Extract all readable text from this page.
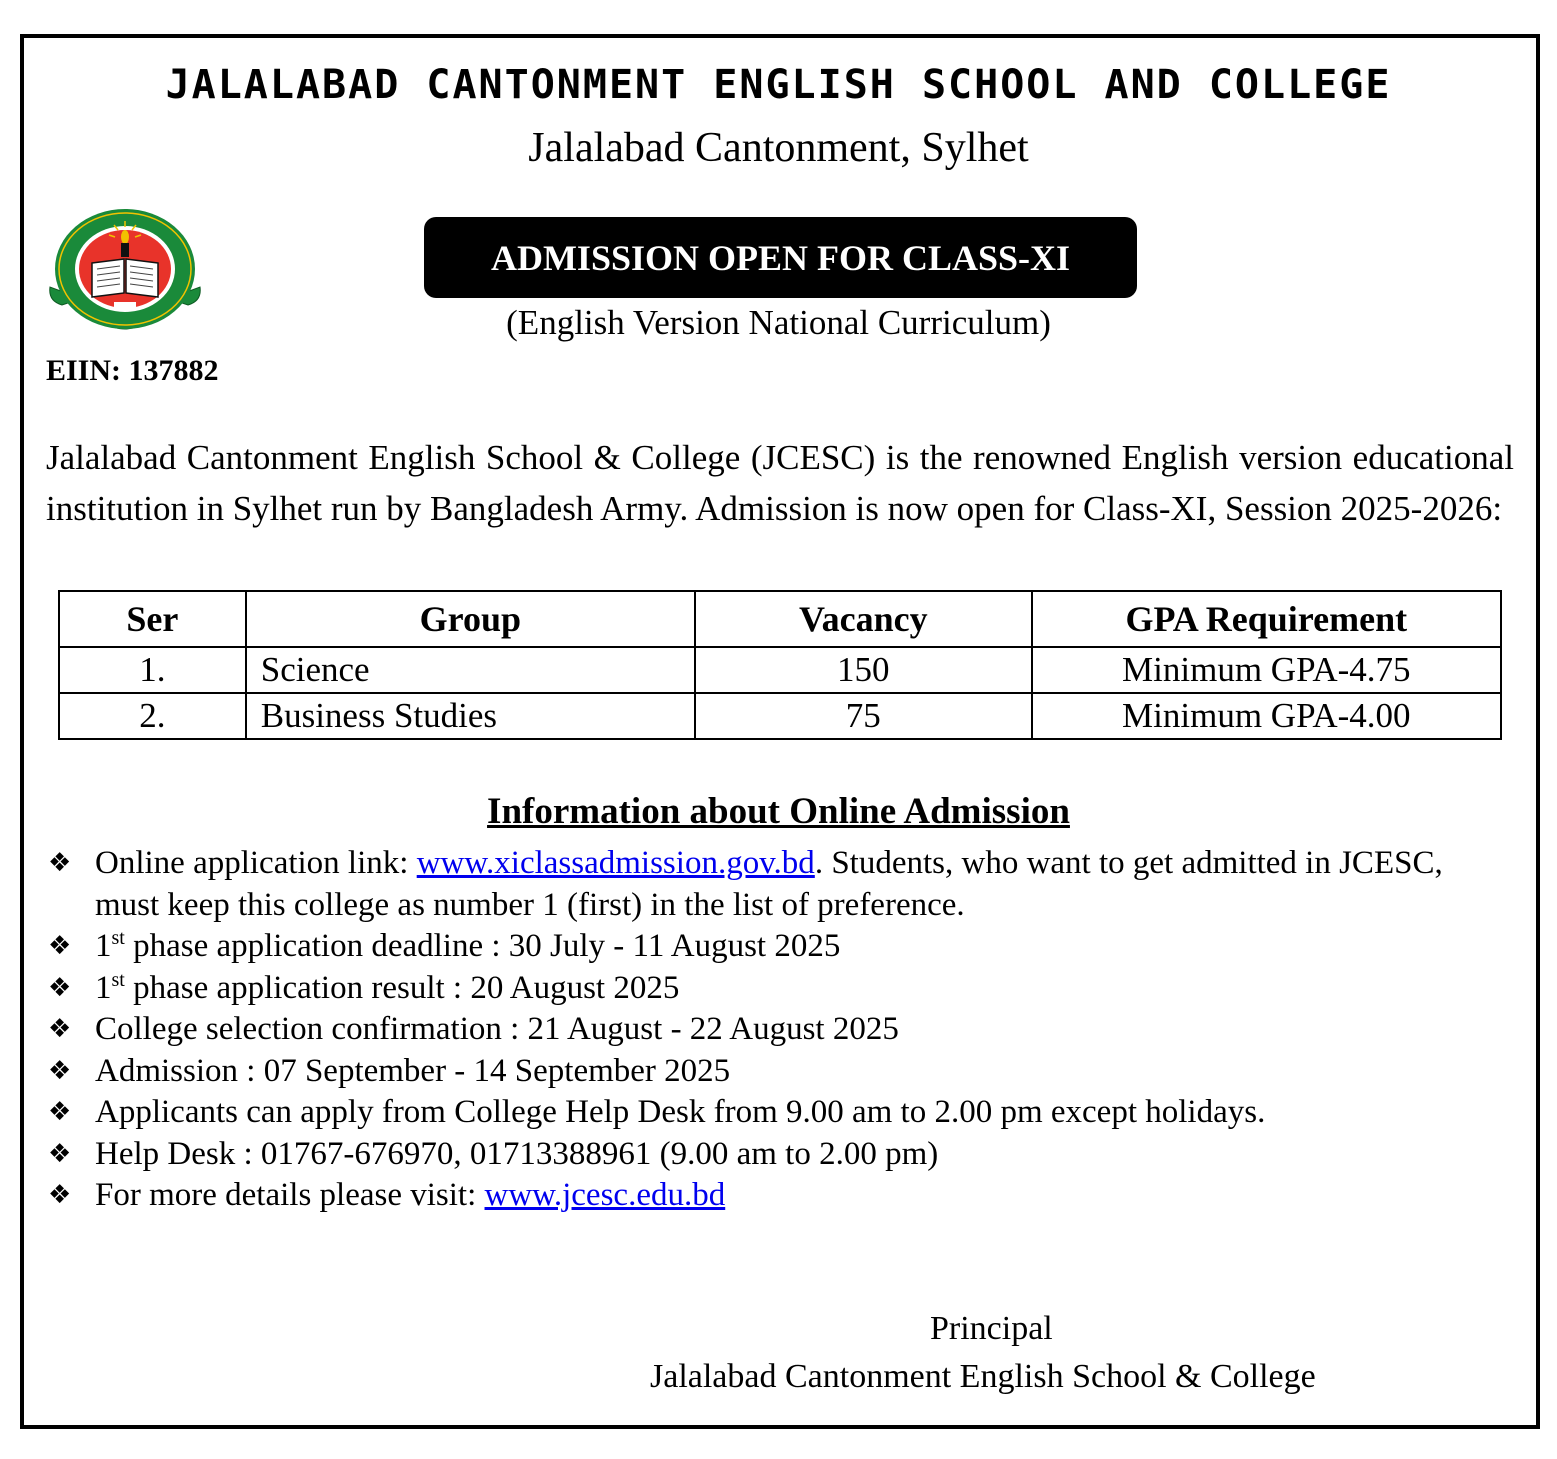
JALALABAD CANTONMENT ENGLISH SCHOOL AND COLLEGE
Jalalabad Cantonment, Sylhet
ADMISSION OPEN FOR CLASS-XI
(English Version National Curriculum)
EIIN: 137882
Jalalabad Cantonment English School & College (JCESC) is the renowned English version educational institution in Sylhet run by Bangladesh Army. Admission is now open for Class-XI, Session 2025-2026:
Ser	Group	Vacancy	GPA Requirement
1.	Science	150	Minimum GPA-4.75
2.	Business Studies	75	Minimum GPA-4.00
Information about Online Admission
❖ Online application link: www.xiclassadmission.gov.bd. Students, who want to get admitted in JCESC, must keep this college as number 1 (first) in the list of preference.
❖ 1st phase application deadline : 30 July - 11 August 2025
❖ 1st phase application result : 20 August 2025
❖ College selection confirmation : 21 August - 22 August 2025
❖ Admission : 07 September - 14 September 2025
❖ Applicants can apply from College Help Desk from 9.00 am to 2.00 pm except holidays.
❖ Help Desk : 01767-676970, 01713388961 (9.00 am to 2.00 pm)
❖ For more details please visit: www.jcesc.edu.bd
Principal
Jalalabad Cantonment English School & College
